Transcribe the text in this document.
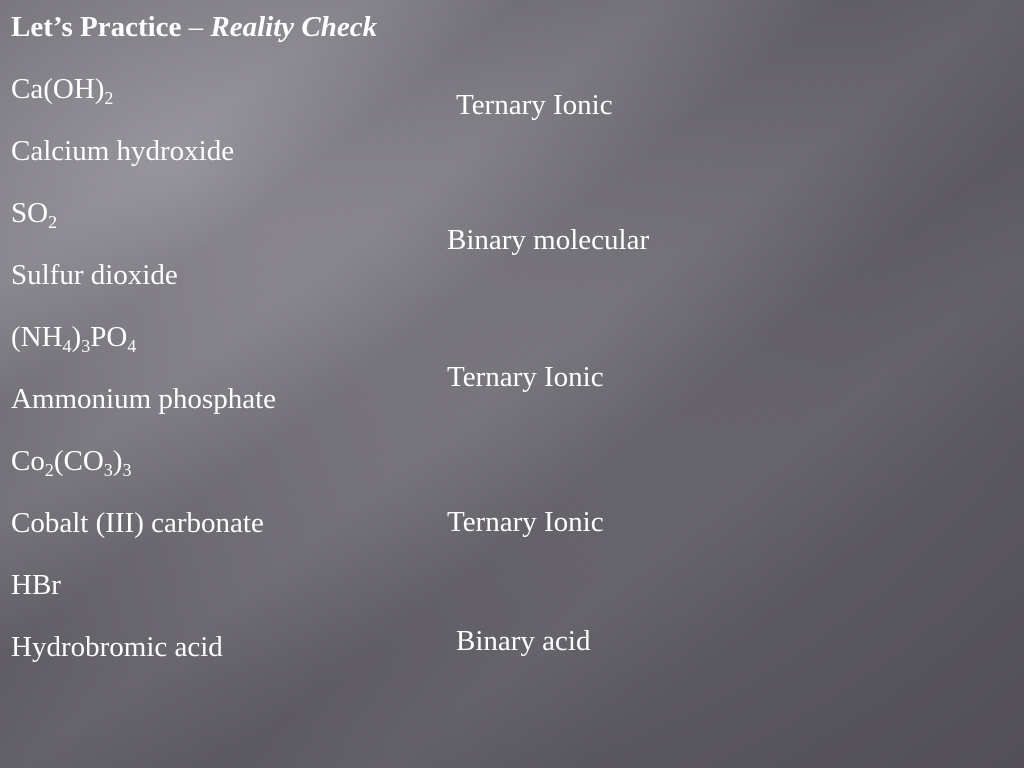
Let’s Practice – Reality Check
$Ca(OH)_2$
Calcium hydroxide
$SO_2$
Sulfur dioxide
$(NH_4)_3PO_4$
Ammonium phosphate
$Co_2(CO_3)_3$
Cobalt (III) carbonate
HBr
Hydrobromic acid
Ternary Ionic
Binary molecular
Ternary Ionic
Ternary Ionic
Binary acid
